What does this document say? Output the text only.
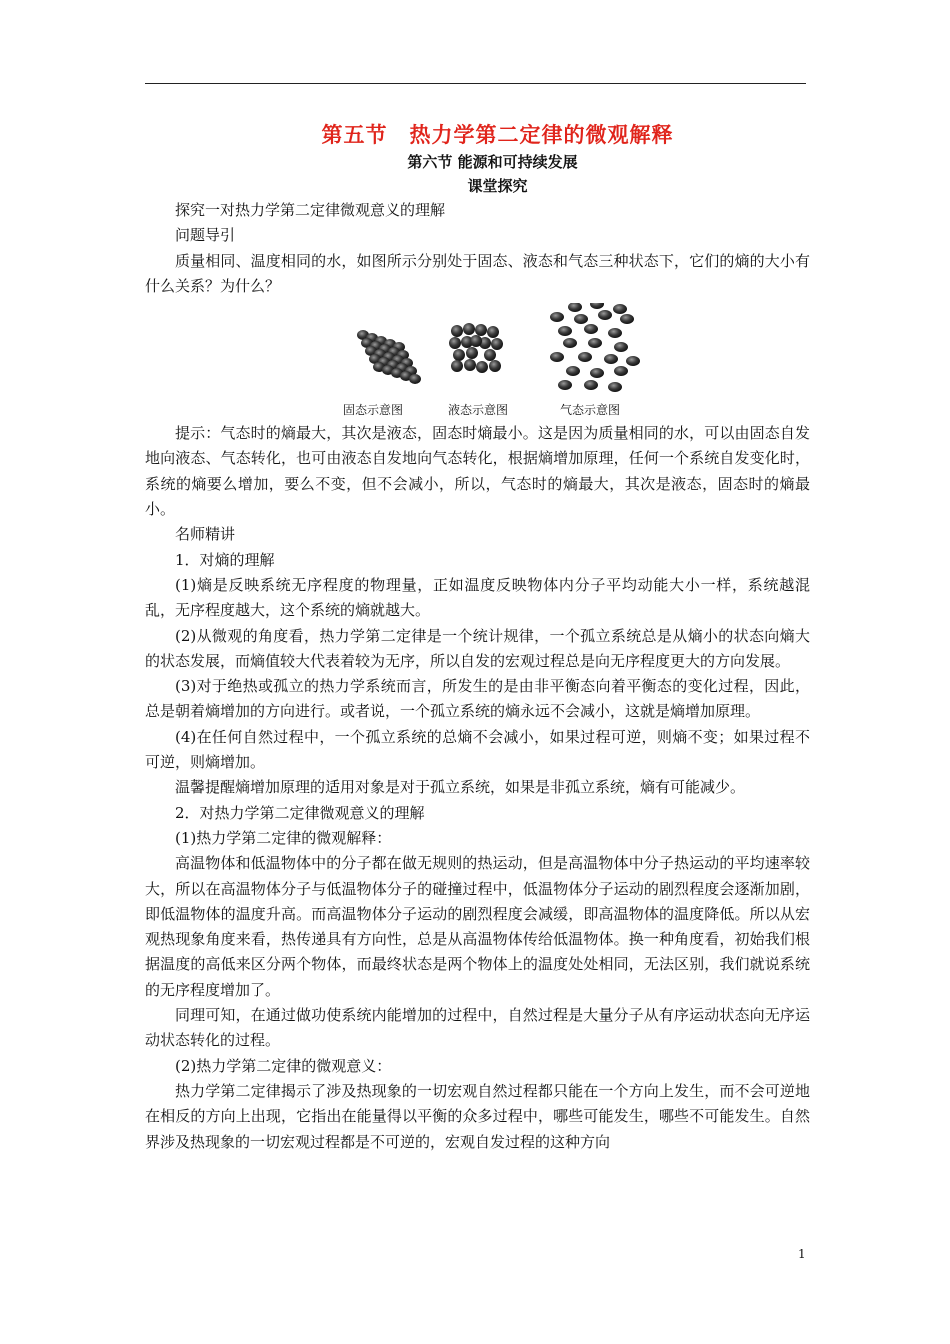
第五节　热力学第二定律的微观解释
第六节 能源和可持续发展
课堂探究

探究一对热力学第二定律微观意义的理解

问题导引

质量相同、温度相同的水，如图所示分别处于固态、液态和气态三种状态下，它们的熵的大小有什么关系？为什么？

固态示意图	液态示意图	气态示意图

提示：气态时的熵最大，其次是液态，固态时熵最小。这是因为质量相同的水，可以由固态自发地向液态、气态转化，也可由液态自发地向气态转化，根据熵增加原理，任何一个系统自发变化时，系统的熵要么增加，要么不变，但不会减小，所以，气态时的熵最大，其次是液态，固态时的熵最小。

名师精讲

1．对熵的理解

(1)熵是反映系统无序程度的物理量，正如温度反映物体内分子平均动能大小一样，系统越混乱，无序程度越大，这个系统的熵就越大。

(2)从微观的角度看，热力学第二定律是一个统计规律，一个孤立系统总是从熵小的状态向熵大的状态发展，而熵值较大代表着较为无序，所以自发的宏观过程总是向无序程度更大的方向发展。

(3)对于绝热或孤立的热力学系统而言，所发生的是由非平衡态向着平衡态的变化过程，因此，总是朝着熵增加的方向进行。或者说，一个孤立系统的熵永远不会减小，这就是熵增加原理。

(4)在任何自然过程中，一个孤立系统的总熵不会减小，如果过程可逆，则熵不变；如果过程不可逆，则熵增加。

温馨提醒熵增加原理的适用对象是对于孤立系统，如果是非孤立系统，熵有可能减少。

2．对热力学第二定律微观意义的理解

(1)热力学第二定律的微观解释：

高温物体和低温物体中的分子都在做无规则的热运动，但是高温物体中分子热运动的平均速率较大，所以在高温物体分子与低温物体分子的碰撞过程中，低温物体分子运动的剧烈程度会逐渐加剧，即低温物体的温度升高。而高温物体分子运动的剧烈程度会减缓，即高温物体的温度降低。所以从宏观热现象角度来看，热传递具有方向性，总是从高温物体传给低温物体。换一种角度看，初始我们根据温度的高低来区分两个物体，而最终状态是两个物体上的温度处处相同，无法区别，我们就说系统的无序程度增加了。

同理可知，在通过做功使系统内能增加的过程中，自然过程是大量分子从有序运动状态向无序运动状态转化的过程。

(2)热力学第二定律的微观意义：

热力学第二定律揭示了涉及热现象的一切宏观自然过程都只能在一个方向上发生，而不会可逆地在相反的方向上出现，它指出在能量得以平衡的众多过程中，哪些可能发生，哪些不可能发生。自然界涉及热现象的一切宏观过程都是不可逆的，宏观自发过程的这种方向

1
